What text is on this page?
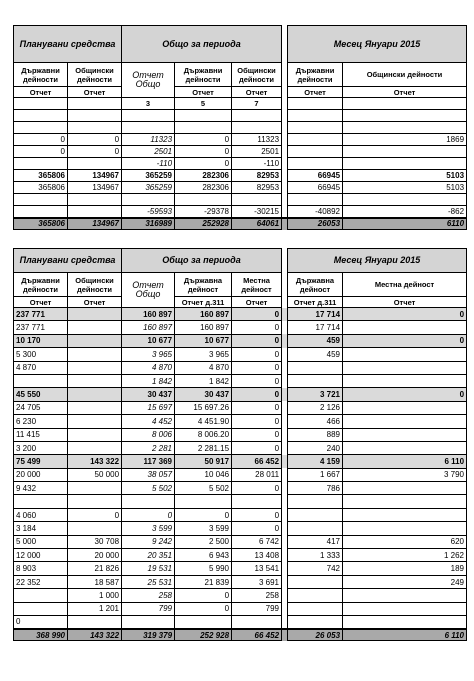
Планувани средства		Общо за периода				Месец Януари 2015	
Държавни дейности	Общински дейности	Отчет Общо	Държавни дейности	Общински дейности		Държавни дейности	Общински дейности
Отчет	Отчет		Отчет	Отчет		Отчет	Отчет
		3	5	7			

0	0	11323	0	11323			1869
0	0	2501	0	2501			
		-110	0	-110			
365806	134967	365259	282306	82953		66945	5103
365806	134967	365259	282306	82953		66945	5103

		-59593	-29378	-30215		-40892	-862
365806	134967	316989	252928	64061		26053	6110
Планувани средства		Общо за периода				Месец Януари 2015	
Държавни дейности	Общински дейности	Отчет Общо	Държавна дейност	Местна дейност		Държавна дейност	Местна дейност
Отчет	Отчет		Отчет д.311	Отчет		Отчет д.311	Отчет
237 771		160 897	160 897	0		17 714	0
237 771		160 897	160 897	0		17 714	
10 170		10 677	10 677	0		459	0
5 300		3 965	3 965	0		459	
4 870		4 870	4 870	0			
		1 842	1 842	0			
45 550		30 437	30 437	0		3 721	0
24 705		15 697	15 697.26	0		2 126	
6 230		4 452	4 451.90	0		466	
11 415		8 006	8 006.20	0		889	
3 200		2 281	2 281.15	0		240	
75 499	143 322	117 369	50 917	66 452		4 159	6 110
20 000	50 000	38 057	10 046	28 011		1 667	3 790
9 432		5 502	5 502	0		786	

4 060	0	0	0	0			
3 184		3 599	3 599	0			
5 000	30 708	9 242	2 500	6 742		417	620
12 000	20 000	20 351	6 943	13 408		1 333	1 262
8 903	21 826	19 531	5 990	13 541		742	189
22 352	18 587	25 531	21 839	3 691			249
	1 000	258	0	258			
	1 201	799	0	799			
0							
368 990	143 322	319 379	252 928	66 452		26 053	6 110
